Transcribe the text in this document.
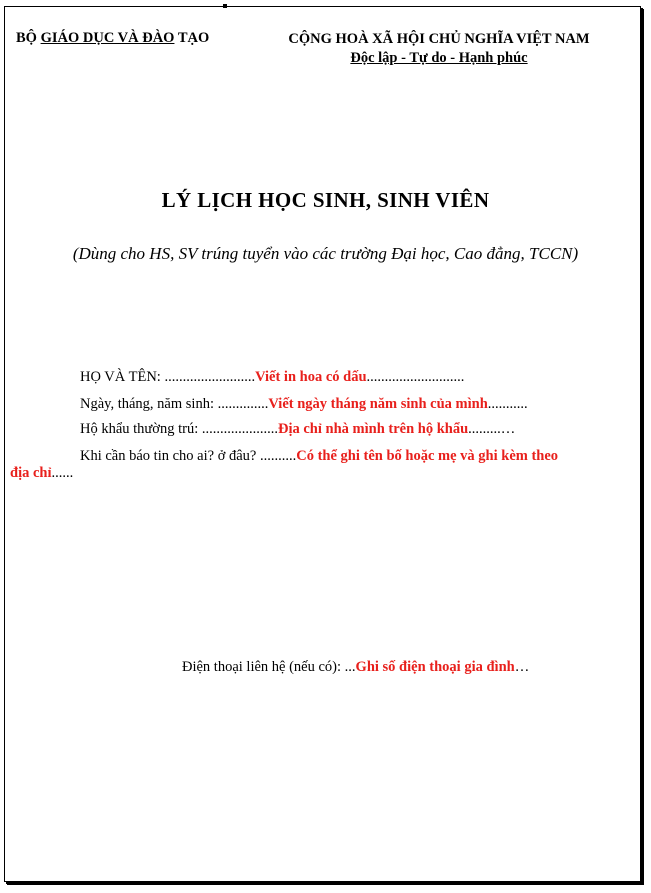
BỘ GIÁO DỤC VÀ ĐÀO TẠO	CỘNG HOÀ XÃ HỘI CHỦ NGHĨA VIỆT NAM
Độc lập - Tự do - Hạnh phúc
LÝ LỊCH HỌC SINH, SINH VIÊN
(Dùng cho HS, SV trúng tuyển vào các trường Đại học, Cao đẳng, TCCN)
HỌ VÀ TÊN: .........................Viết in hoa có dấu...........................
Ngày, tháng, năm sinh: ..............Viết ngày tháng năm sinh của mình...........
Hộ khẩu thường trú: .....................Địa chỉ nhà mình trên hộ khẩu.........…
Khi cần báo tin cho ai? ở đâu? ..........Có thể ghi tên bố hoặc mẹ và ghi kèm theo
địa chỉ......
Điện thoại liên hệ (nếu có): ...Ghi số điện thoại gia đình…
